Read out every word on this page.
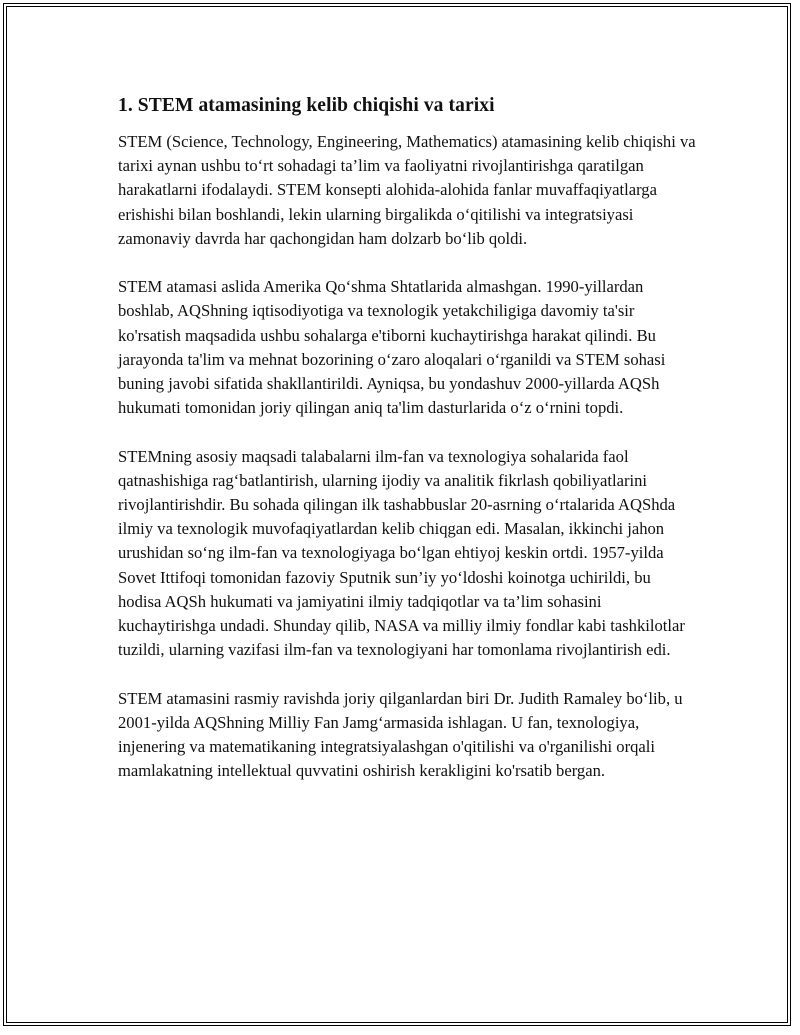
1. STEM atamasining kelib chiqishi va tarixi

STEM (Science, Technology, Engineering, Mathematics) atamasining kelib chiqishi va tarixi aynan ushbu to‘rt sohadagi ta’lim va faoliyatni rivojlantirishga qaratilgan harakatlarni ifodalaydi. STEM konsepti alohida-alohida fanlar muvaffaqiyatlarga erishishi bilan boshlandi, lekin ularning birgalikda o‘qitilishi va integratsiyasi zamonaviy davrda har qachongidan ham dolzarb bo‘lib qoldi.

STEM atamasi aslida Amerika Qo‘shma Shtatlarida almashgan. 1990-yillardan boshlab, AQShning iqtisodiyotiga va texnologik yetakchiligiga davomiy ta'sir ko'rsatish maqsadida ushbu sohalarga e'tiborni kuchaytirishga harakat qilindi. Bu jarayonda ta'lim va mehnat bozorining o‘zaro aloqalari o‘rganildi va STEM sohasi buning javobi sifatida shakllantirildi. Ayniqsa, bu yondashuv 2000-yillarda AQSh hukumati tomonidan joriy qilingan aniq ta'lim dasturlarida o‘z o‘rnini topdi.

STEMning asosiy maqsadi talabalarni ilm-fan va texnologiya sohalarida faol qatnashishiga rag‘batlantirish, ularning ijodiy va analitik fikrlash qobiliyatlarini rivojlantirishdir. Bu sohada qilingan ilk tashabbuslar 20-asrning o‘rtalarida AQShda ilmiy va texnologik muvofaqiyatlardan kelib chiqgan edi. Masalan, ikkinchi jahon urushidan so‘ng ilm-fan va texnologiyaga bo‘lgan ehtiyoj keskin ortdi. 1957-yilda Sovet Ittifoqi tomonidan fazoviy Sputnik sun’iy yo‘ldoshi koinotga uchirildi, bu hodisa AQSh hukumati va jamiyatini ilmiy tadqiqotlar va ta’lim sohasini kuchaytirishga undadi. Shunday qilib, NASA va milliy ilmiy fondlar kabi tashkilotlar tuzildi, ularning vazifasi ilm-fan va texnologiyani har tomonlama rivojlantirish edi.

STEM atamasini rasmiy ravishda joriy qilganlardan biri Dr. Judith Ramaley bo‘lib, u 2001-yilda AQShning Milliy Fan Jamg‘armasida ishlagan. U fan, texnologiya, injenering va matematikaning integratsiyalashgan o'qitilishi va o'rganilishi orqali mamlakatning intellektual quvvatini oshirish kerakligini ko'rsatib bergan.
